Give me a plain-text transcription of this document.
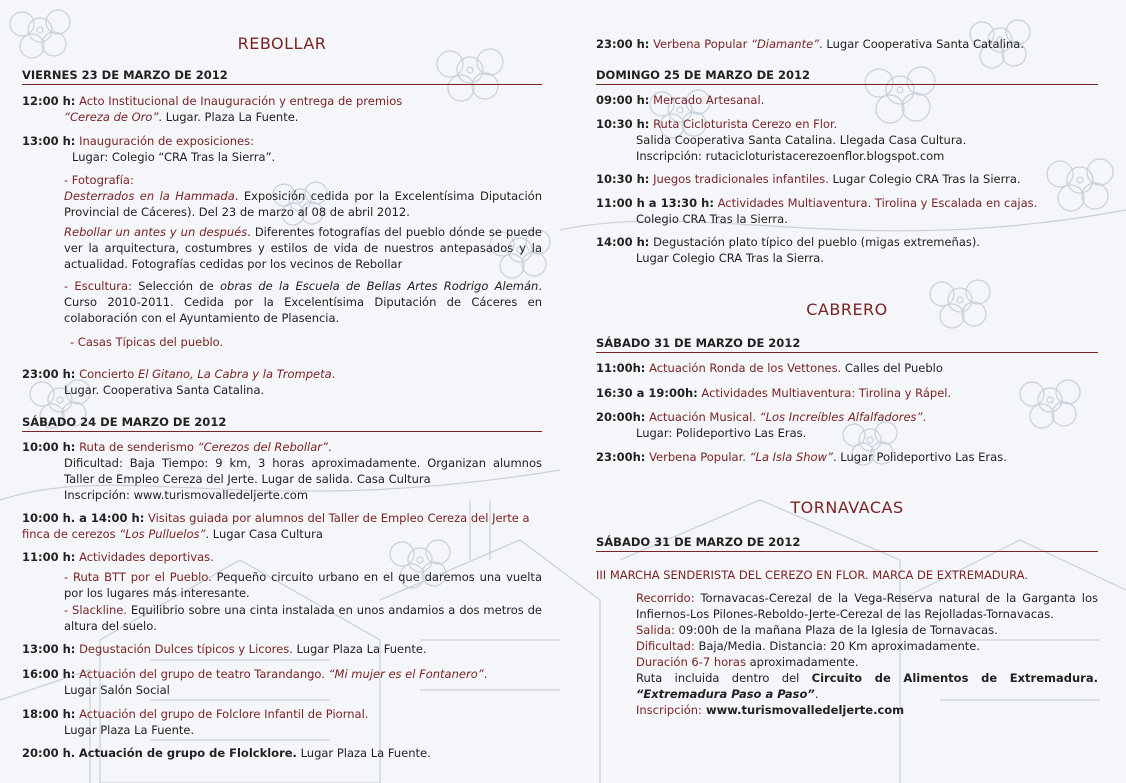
REBOLLAR
VIERNES 23 DE MARZO DE 2012
12:00 h: Acto Institucional de Inauguración y entrega de premios
“Cereza de Oro”. Lugar. Plaza La Fuente.
13:00 h: Inauguración de exposiciones:
Lugar: Colegio “CRA Tras la Sierra”.
- Fotografía:
Desterrados en la Hammada. Exposición cedida por la Excelentísima Diputación Provincial de Cáceres). Del 23 de marzo al 08 de abril 2012.
Rebollar un antes y un después. Diferentes fotografías del pueblo dónde se puede ver la arquitectura, costumbres y estilos de vida de nuestros antepasados y la actualidad. Fotografías cedidas por los vecinos de Rebollar
- Escultura: Selección de obras de la Escuela de Bellas Artes Rodrigo Alemán. Curso 2010-2011. Cedida por la Excelentísima Diputación de Cáceres en colaboración con el Ayuntamiento de Plasencia.
- Casas Típicas del pueblo.
23:00 h: Concierto El Gitano, La Cabra y la Trompeta.
Lugar. Cooperativa Santa Catalina.
SÁBADO 24 DE MARZO DE 2012
10:00 h: Ruta de senderismo “Cerezos del Rebollar”.
Dificultad: Baja Tiempo: 9 km, 3 horas aproximadamente. Organizan alumnos Taller de Empleo Cereza del Jerte. Lugar de salida. Casa Cultura
Inscripción: www.turismovalledeljerte.com
10:00 h. a 14:00 h: Visitas guiada por alumnos del Taller de Empleo Cereza del Jerte a finca de cerezos “Los Pulluelos”. Lugar Casa Cultura
11:00 h: Actividades deportivas.
- Ruta BTT por el Pueblo. Pequeño circuito urbano en el que daremos una vuelta por los lugares más interesante.
- Slackline. Equilibrio sobre una cinta instalada en unos andamios a dos metros de altura del suelo.
13:00 h: Degustación Dulces típicos y Licores. Lugar Plaza La Fuente.
16:00 h: Actuación del grupo de teatro Tarandango. “Mi mujer es el Fontanero”.
Lugar Salón Social
18:00 h: Actuación del grupo de Folclore Infantil de Piornal.
Lugar Plaza La Fuente.
20:00 h. Actuación de grupo de Flolcklore. Lugar Plaza La Fuente.
23:00 h: Verbena Popular “Diamante”. Lugar Cooperativa Santa Catalina.
DOMINGO 25 DE MARZO DE 2012
09:00 h: Mercado Artesanal.
10:30 h: Ruta Cicloturista Cerezo en Flor.
Salida Cooperativa Santa Catalina. Llegada Casa Cultura.
Inscripción: rutacicloturistacerezoenflor.blogspot.com
10:30 h: Juegos tradicionales infantiles. Lugar Colegio CRA Tras la Sierra.
11:00 h a 13:30 h: Actividades Multiaventura. Tirolina y Escalada en cajas.
Colegio CRA Tras la Sierra.
14:00 h: Degustación plato típico del pueblo (migas extremeñas).
Lugar Colegio CRA Tras la Sierra.
CABRERO
SÁBADO 31 DE MARZO DE 2012
11:00h: Actuación Ronda de los Vettones. Calles del Pueblo
16:30 a 19:00h: Actividades Multiaventura: Tirolina y Rápel.
20:00h: Actuación Musical. “Los Increíbles Alfalfadores”.
Lugar: Polideportivo Las Eras.
23:00h: Verbena Popular. “La Isla Show”. Lugar Polideportivo Las Eras.
TORNAVACAS
SÁBADO 31 DE MARZO DE 2012
III MARCHA SENDERISTA DEL CEREZO EN FLOR. MARCA DE EXTREMADURA.
Recorrido: Tornavacas-Cerezal de la Vega-Reserva natural de la Garganta los Infiernos-Los Pilones-Reboldo-Jerte-Cerezal de las Rejolladas-Tornavacas.
Salida: 09:00h de la mañana Plaza de la Iglesia de Tornavacas.
Dificultad: Baja/Media. Distancia: 20 Km aproximadamente.
Duración 6-7 horas aproximadamente.
Ruta incluida dentro del Circuito de Alimentos de Extremadura. “Extremadura Paso a Paso”.
Inscripción: www.turismovalledeljerte.com
